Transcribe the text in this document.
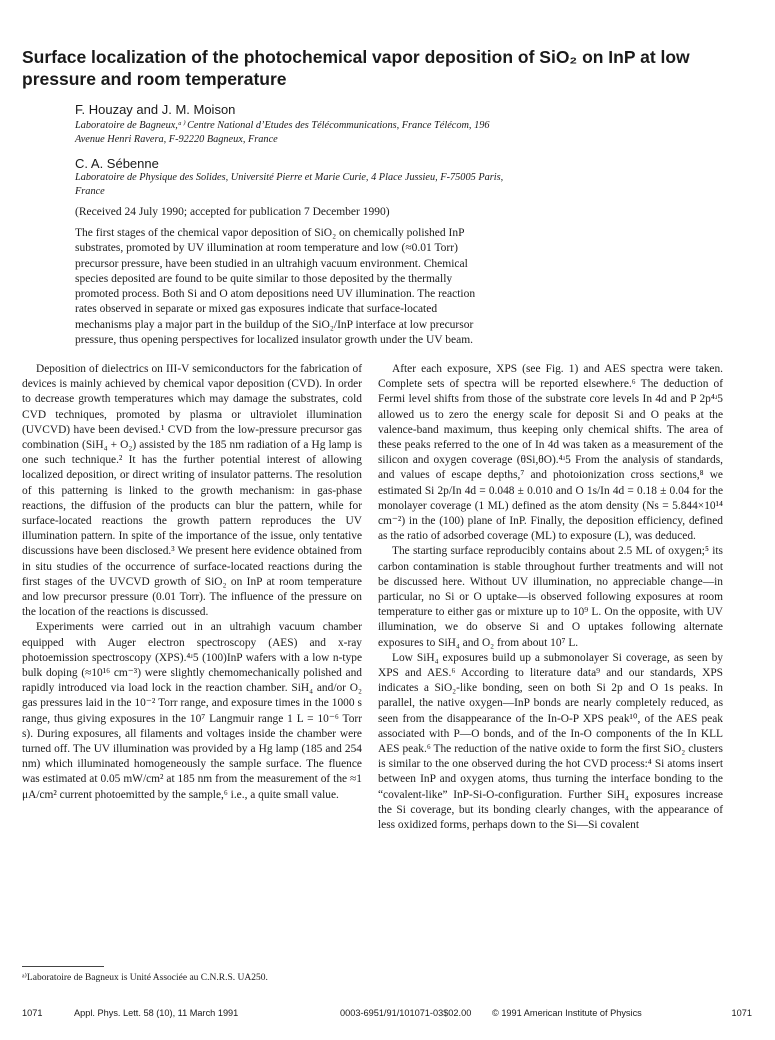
Surface localization of the photochemical vapor deposition of SiO₂ on InP at low pressure and room temperature
F. Houzay and J. M. Moison
Laboratoire de Bagneux,ᵃ⁾ Centre National d’Etudes des Télécommunications, France Télécom, 196
Avenue Henri Ravera, F-92220 Bagneux, France
C. A. Sébenne
Laboratoire de Physique des Solides, Université Pierre et Marie Curie, 4 Place Jussieu, F-75005 Paris,
France
(Received 24 July 1990; accepted for publication 7 December 1990)
The first stages of the chemical vapor deposition of SiO₂ on chemically polished InP substrates, promoted by UV illumination at room temperature and low (≈0.01 Torr) precursor pressure, have been studied in an ultrahigh vacuum environment. Chemical species deposited are found to be quite similar to those deposited by the thermally promoted process. Both Si and O atom depositions need UV illumination. The reaction rates observed in separate or mixed gas exposures indicate that surface-located mechanisms play a major part in the buildup of the SiO₂/InP interface at low precursor pressure, thus opening perspectives for localized insulator growth under the UV beam.

Deposition of dielectrics on III-V semiconductors for the fabrication of devices is mainly achieved by chemical vapor deposition (CVD). In order to decrease growth temperatures which may damage the substrates, cold CVD techniques, promoted by plasma or ultraviolet illumination (UVCVD) have been devised.¹ CVD from the low-pressure precursor gas combination (SiH₄ + O₂) assisted by the 185 nm radiation of a Hg lamp is one such technique.² It has the further potential interest of allowing localized deposition, or direct writing of insulator patterns. The resolution of this patterning is linked to the growth mechanism: in gas-phase reactions, the diffusion of the products can blur the pattern, while for surface-located reactions the growth pattern reproduces the UV illumination pattern. In spite of the importance of the issue, only tentative discussions have been disclosed.³ We present here evidence obtained from in situ studies of the occurrence of surface-located reactions during the first stages of the UVCVD growth of SiO₂ on InP at room temperature and low precursor pressure (0.01 Torr). The influence of the pressure on the location of the reactions is discussed.

Experiments were carried out in an ultrahigh vacuum chamber equipped with Auger electron spectroscopy (AES) and x-ray photoemission spectroscopy (XPS).⁴ʴ5 (100)InP wafers with a low n-type bulk doping (≈10¹⁶ cm⁻³) were slightly chemomechanically polished and rapidly introduced via load lock in the reaction chamber. SiH₄ and/or O₂ gas pressures laid in the 10⁻² Torr range, and exposure times in the 1000 s range, thus giving exposures in the 10⁷ Langmuir range 1 L = 10⁻⁶ Torr s). During exposures, all filaments and voltages inside the chamber were turned off. The UV illumination was provided by a Hg lamp (185 and 254 nm) which illuminated homogeneously the sample surface. The fluence was estimated at 0.05 mW/cm² at 185 nm from the measurement of the ≈1 μA/cm² current photoemitted by the sample,⁶ i.e., a quite small value.

After each exposure, XPS (see Fig. 1) and AES spectra were taken. Complete sets of spectra will be reported elsewhere.⁶ The deduction of Fermi level shifts from those of the substrate core levels In 4d and P 2p⁴ʴ5 allowed us to zero the energy scale for deposit Si and O peaks at the valence-band maximum, thus keeping only chemical shifts. The area of these peaks referred to the one of In 4d was taken as a measurement of the silicon and oxygen coverage (θSi,θO).⁴ʴ5 From the analysis of standards, and values of escape depths,⁷ and photoionization cross sections,⁸ we estimated Si 2p/In 4d = 0.048 ± 0.010 and O 1s/In 4d = 0.18 ± 0.04 for the monolayer coverage (1 ML) defined as the atom density (Ns = 5.844×10¹⁴ cm⁻²) in the (100) plane of InP. Finally, the deposition efficiency, defined as the ratio of adsorbed coverage (ML) to exposure (L), was deduced.

The starting surface reproducibly contains about 2.5 ML of oxygen;⁵ its carbon contamination is stable throughout further treatments and will not be discussed here. Without UV illumination, no appreciable change—in particular, no Si or O uptake—is observed following exposures at room temperature to either gas or mixture up to 10⁹ L. On the opposite, with UV illumination, we do observe Si and O uptakes following alternate exposures to SiH₄ and O₂ from about 10⁷ L.

Low SiH₄ exposures build up a submonolayer Si coverage, as seen by XPS and AES.⁶ According to literature data⁹ and our standards, XPS indicates a SiO₂-like bonding, seen on both Si 2p and O 1s peaks. In parallel, the native oxygen—InP bonds are nearly completely reduced, as seen from the disappearance of the In-O-P XPS peak¹⁰, of the AES peak associated with P—O bonds, and of the In-O components of the In KLL AES peak.⁶ The reduction of the native oxide to form the first SiO₂ clusters is similar to the one observed during the hot CVD process:⁴ Si atoms insert between InP and oxygen atoms, thus turning the interface bonding to the “covalent-like” InP-Si-O-configuration. Further SiH₄ exposures increase the Si coverage, but its bonding clearly changes, with the appearance of less oxidized forms, perhaps down to the Si—Si covalent

ᵃ⁾Laboratoire de Bagneux is Unité Associée au C.N.R.S. UA250.
1071	Appl. Phys. Lett. 58 (10), 11 March 1991	0003-6951/91/101071-03$02.00 © 1991 American Institute of Physics	1071
